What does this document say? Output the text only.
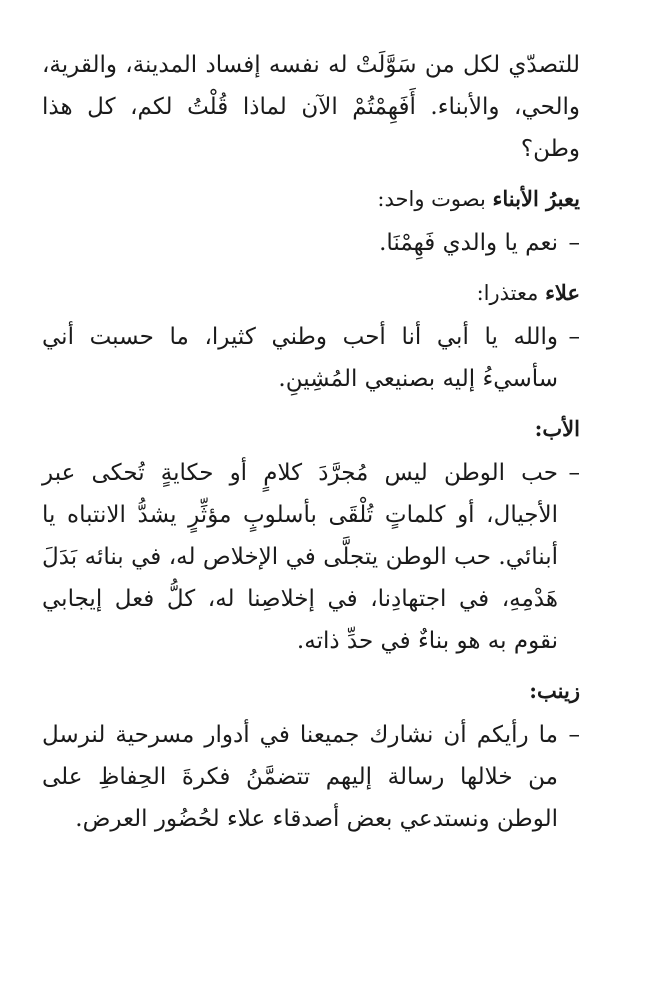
للتصدّي لكل من سَوَّلَتْ له نفسه إفساد المدينة، والقرية، والحي، والأبناء. أَفَهِمْتُمْ الآن لماذا قُلْتُ لكم، كل هذا وطن؟

يعبرُ الأبناء بصوت واحد:
–
نعم يا والدي فَهِمْنَا.
علاء معتذرا:
–
والله يا أبي أنا أحب وطني كثيرا، ما حسبت أني سأسيءُ إليه بصنيعي المُشِينِ.
الأب:
–
حب الوطن ليس مُجرَّدَ كلامٍ أو حكايةٍ تُحكى عبر الأجيال، أو كلماتٍ تُلْقَى بأسلوبٍ مؤثِّرٍ يشدُّ الانتباه يا أبنائي. حب الوطن يتجلَّى في الإخلاص له، في بنائه بَدَلَ هَدْمِهِ، في اجتهادِنا، في إخلاصِنا له، كلُّ فعل إيجابي نقوم به هو بناءٌ في حدِّ ذاته.
زينب:
–
ما رأيكم أن نشارك جميعنا في أدوار مسرحية لنرسل من خلالها رسالة إليهم تتضمَّنُ فكرةَ الحِفاظِ على الوطن ونستدعي بعض أصدقاء علاء لحُضُور العرض.
